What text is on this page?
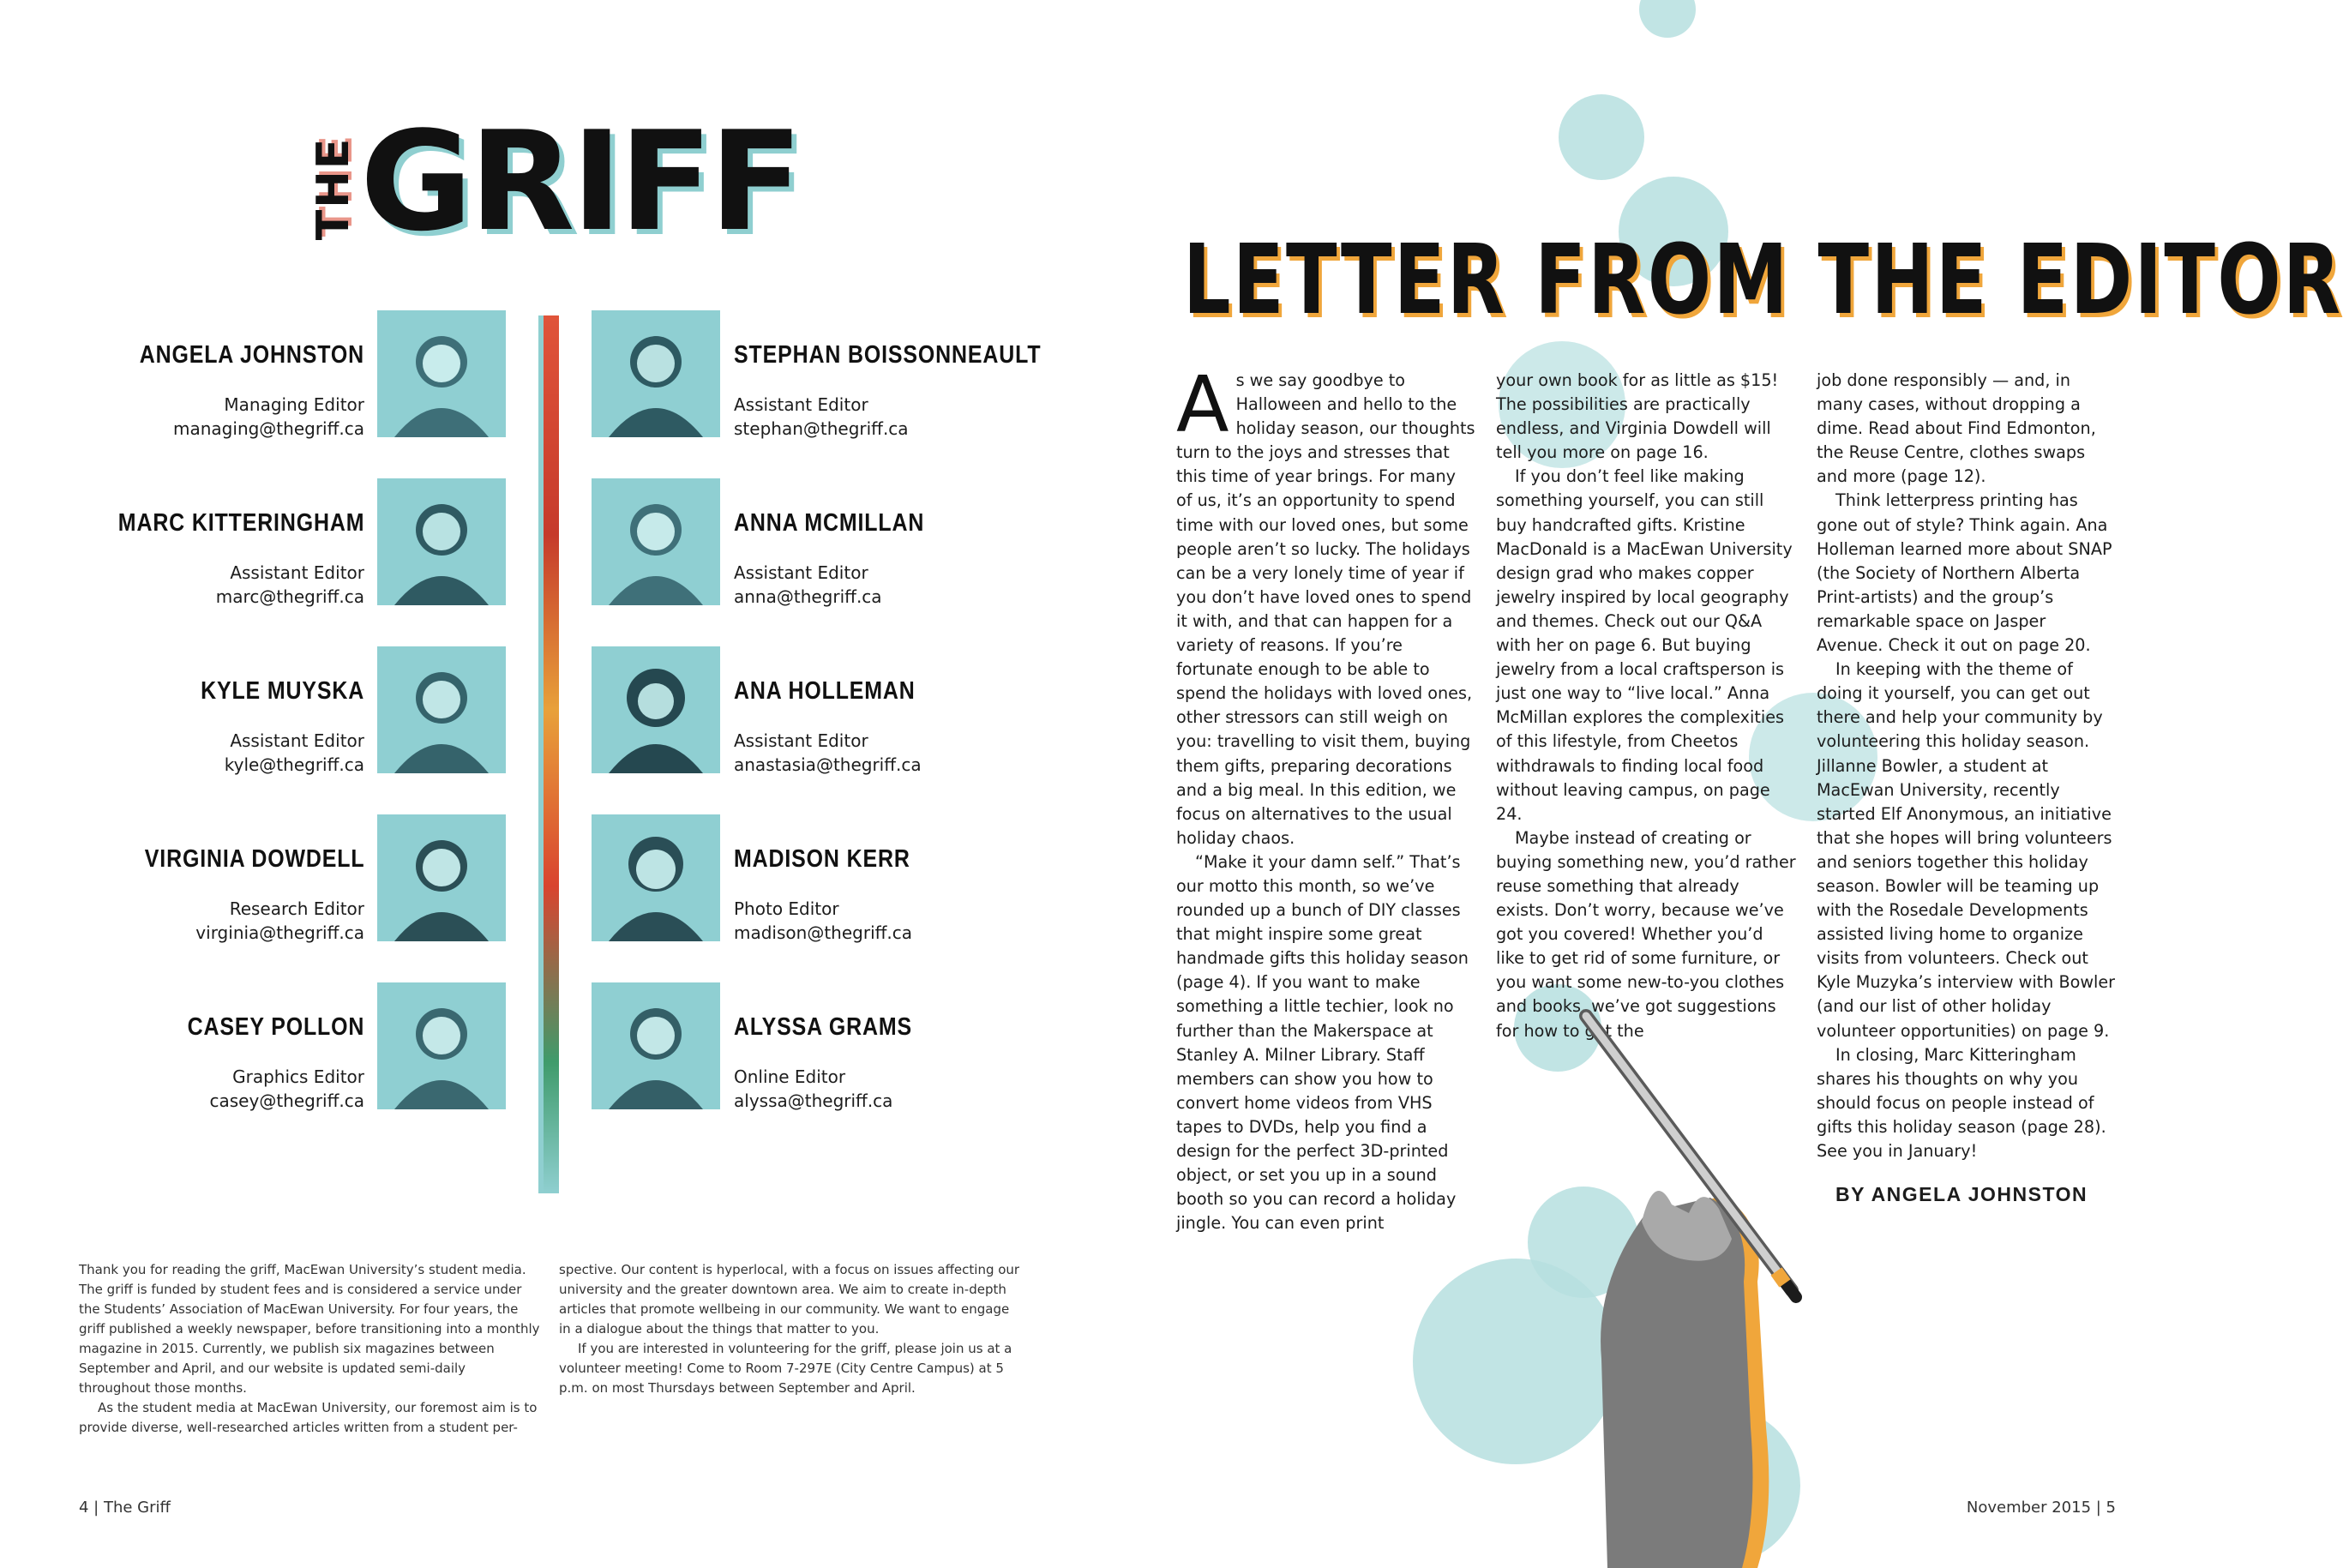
THE GRIFF
ANGELA JOHNSTON
Managing Editor
managing@thegriff.ca
MARC KITTERINGHAM
Assistant Editor
marc@thegriff.ca
KYLE MUYSKA
Assistant Editor
kyle@thegriff.ca
VIRGINIA DOWDELL
Research Editor
virginia@thegriff.ca
CASEY POLLON
Graphics Editor
casey@thegriff.ca
STEPHAN BOISSONNEAULT
Assistant Editor
stephan@thegriff.ca
ANNA MCMILLAN
Assistant Editor
anna@thegriff.ca
ANA HOLLEMAN
Assistant Editor
anastasia@thegriff.ca
MADISON KERR
Photo Editor
madison@thegriff.ca
ALYSSA GRAMS
Online Editor
alyssa@thegriff.ca

Thank you for reading the griff, MacEwan University’s student media. The griff is funded by student fees and is considered a service under the Students’ Association of MacEwan University. For four years, the griff published a weekly newspaper, before transitioning into a monthly magazine in 2015. Currently, we publish six magazines between September and April, and our website is updated semi-daily throughout those months.

As the student media at MacEwan University, our foremost aim is to provide diverse, well-researched articles written from a student per-

spective. Our content is hyperlocal, with a focus on issues affecting our university and the greater downtown area. We aim to create in-depth articles that promote wellbeing in our community. We want to engage in a dialogue about the things that matter to you.

If you are interested in volunteering for the griff, please join us at a volunteer meeting! Come to Room 7-297E (City Centre Campus) at 5 p.m. on most Thursdays between September and April.

4 | The Griff	November 2015 | 5
LETTER FROM THE EDITOR

As we say goodbye to Halloween and hello to the holiday season, our thoughts turn to the joys and stresses that this time of year brings. For many of us, it’s an opportunity to spend time with our loved ones, but some people aren’t so lucky. The holidays can be a very lonely time of year if you don’t have loved ones to spend it with, and that can happen for a variety of reasons. If you’re fortunate enough to be able to spend the holidays with loved ones, other stressors can still weigh on you: travelling to visit them, buying them gifts, preparing decorations and a big meal. In this edition, we focus on alternatives to the usual holiday chaos.

“Make it your damn self.” That’s our motto this month, so we’ve rounded up a bunch of DIY classes that might inspire some great handmade gifts this holiday season (page 4). If you want to make something a little techier, look no further than the Makerspace at Stanley A. Milner Library. Staff members can show you how to convert home videos from VHS tapes to DVDs, help you find a design for the perfect 3D-printed object, or set you up in a sound booth so you can record a holiday jingle. You can even print

your own book for as little as $15! The possibilities are practically endless, and Virginia Dowdell will tell you more on page 16.

If you don’t feel like making something yourself, you can still buy handcrafted gifts. Kristine MacDonald is a MacEwan University design grad who makes copper jewelry inspired by local geography and themes. Check out our Q&A with her on page 6. But buying jewelry from a local craftsperson is just one way to “live local.” Anna McMillan explores the complexities of this lifestyle, from Cheetos withdrawals to finding local food without leaving campus, on page 24.

Maybe instead of creating or buying something new, you’d rather reuse something that already exists. Don’t worry, because we’ve got you covered! Whether you’d like to get rid of some furniture, or you want some new-to-you clothes and books, we’ve got suggestions for how to get the

job done responsibly — and, in many cases, without dropping a dime. Read about Find Edmonton, the Reuse Centre, clothes swaps and more (page 12).

Think letterpress printing has gone out of style? Think again. Ana Holleman learned more about SNAP (the Society of Northern Alberta Print-artists) and the group’s remarkable space on Jasper Avenue. Check it out on page 20.

In keeping with the theme of doing it yourself, you can get out there and help your community by volunteering this holiday season. Jillanne Bowler, a student at MacEwan University, recently started Elf Anonymous, an initiative that she hopes will bring volunteers and seniors together this holiday season. Bowler will be teaming up with the Rosedale Developments assisted living home to organize visits from volunteers. Check out Kyle Muzyka’s interview with Bowler (and our list of other holiday volunteer opportunities) on page 9.

In closing, Marc Kitteringham shares his thoughts on why you should focus on people instead of gifts this holiday season (page 28). See you in January!

BY ANGELA JOHNSTON
